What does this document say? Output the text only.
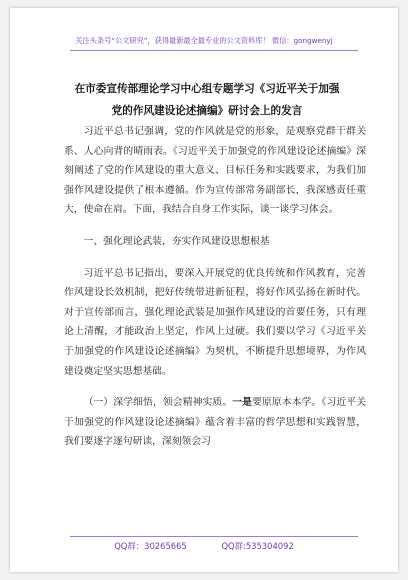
关注头条号“公文研究”，获得最新最全最专业的公文资料库！ 微信：gongwenyj
在市委宣传部理论学习中心组专题学习《习近平关于加强
党的作风建设论述摘编》研讨会上的发言

习近平总书记强调，党的作风就是党的形象，是观察党群干群关系、人心向背的晴雨表。《习近平关于加强党的作风建设论述摘编》深刻阐述了党的作风建设的重大意义、目标任务和实践要求，为我们加强作风建设提供了根本遵循。作为宣传部常务副部长，我深感责任重大，使命在肩。下面，我结合自身工作实际，谈一谈学习体会。

一、强化理论武装，夯实作风建设思想根基

习近平总书记指出，要深入开展党的优良传统和作风教育，完善作风建设长效机制，把好传统带进新征程，将好作风弘扬在新时代。对于宣传部而言，强化理论武装是加强作风建设的首要任务，只有理论上清醒，才能政治上坚定，作风上过硬。我们要以学习《习近平关于加强党的作风建设论述摘编》为契机，不断提升思想境界，为作风建设奠定坚实思想基础。

（一）深学细悟，领会精神实质。一是要原原本本学。《习近平关于加强党的作风建设论述摘编》蕴含着丰富的哲学思想和实践智慧，我们要逐字逐句研读，深刻领会习

QQ群：30265665	QQ群:535304092
